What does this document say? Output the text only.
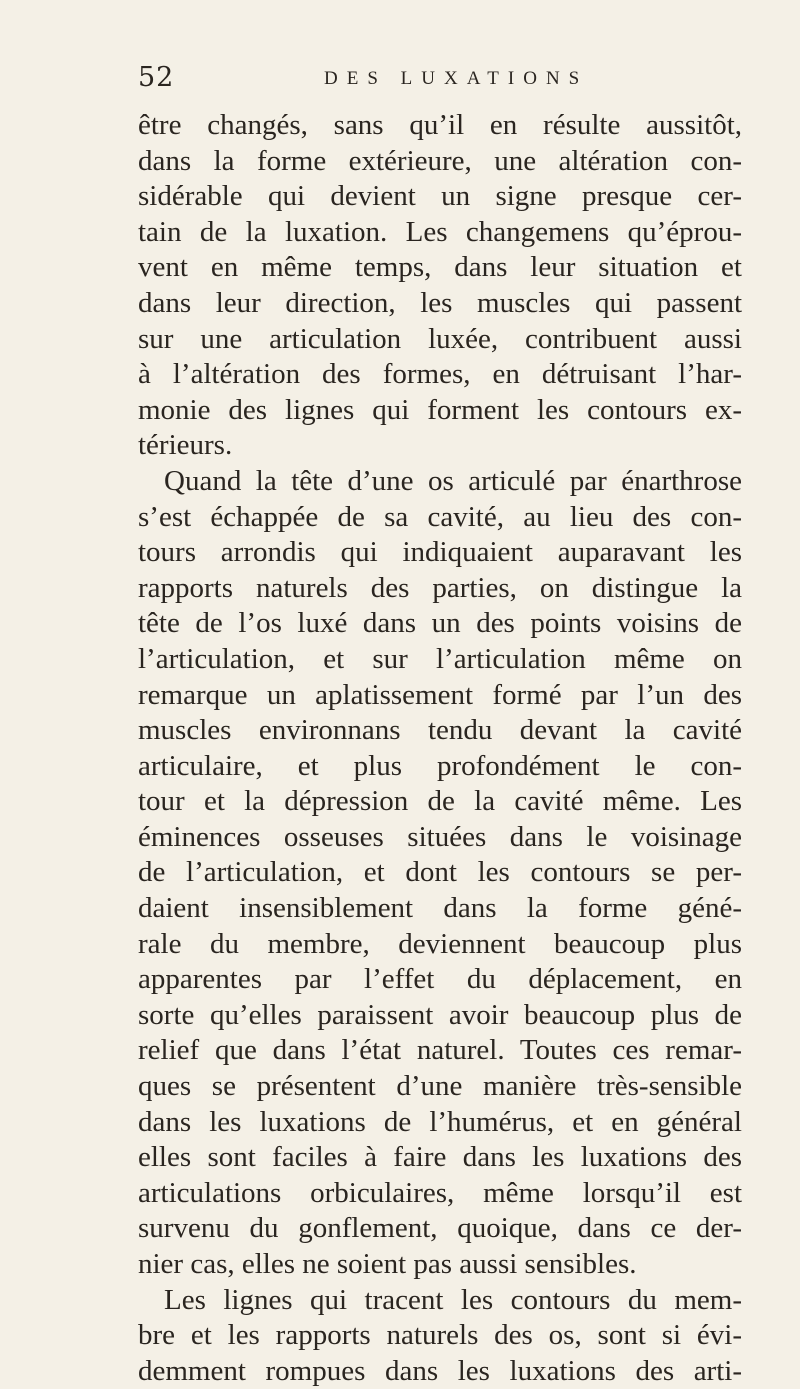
52	DES LUXATIONS
être changés, sans qu’il en résulte aussitôt,
dans la forme extérieure, une altération con-
sidérable qui devient un signe presque cer-
tain de la luxation. Les changemens qu’éprou-
vent en même temps, dans leur situation et
dans leur direction, les muscles qui passent
sur une articulation luxée, contribuent aussi
à l’altération des formes, en détruisant l’har-
monie des lignes qui forment les contours ex-
térieurs.
Quand la tête d’une os articulé par énarthrose
s’est échappée de sa cavité, au lieu des con-
tours arrondis qui indiquaient auparavant les
rapports naturels des parties, on distingue la
tête de l’os luxé dans un des points voisins de
l’articulation, et sur l’articulation même on
remarque un aplatissement formé par l’un des
muscles environnans tendu devant la cavité
articulaire, et plus profondément le con-
tour et la dépression de la cavité même. Les
éminences osseuses situées dans le voisinage
de l’articulation, et dont les contours se per-
daient insensiblement dans la forme géné-
rale du membre, deviennent beaucoup plus
apparentes par l’effet du déplacement, en
sorte qu’elles paraissent avoir beaucoup plus de
relief que dans l’état naturel. Toutes ces remar-
ques se présentent d’une manière très-sensible
dans les luxations de l’humérus, et en général
elles sont faciles à faire dans les luxations des
articulations orbiculaires, même lorsqu’il est
survenu du gonflement, quoique, dans ce der-
nier cas, elles ne soient pas aussi sensibles.
Les lignes qui tracent les contours du mem-
bre et les rapports naturels des os, sont si évi-
demment rompues dans les luxations des arti-
